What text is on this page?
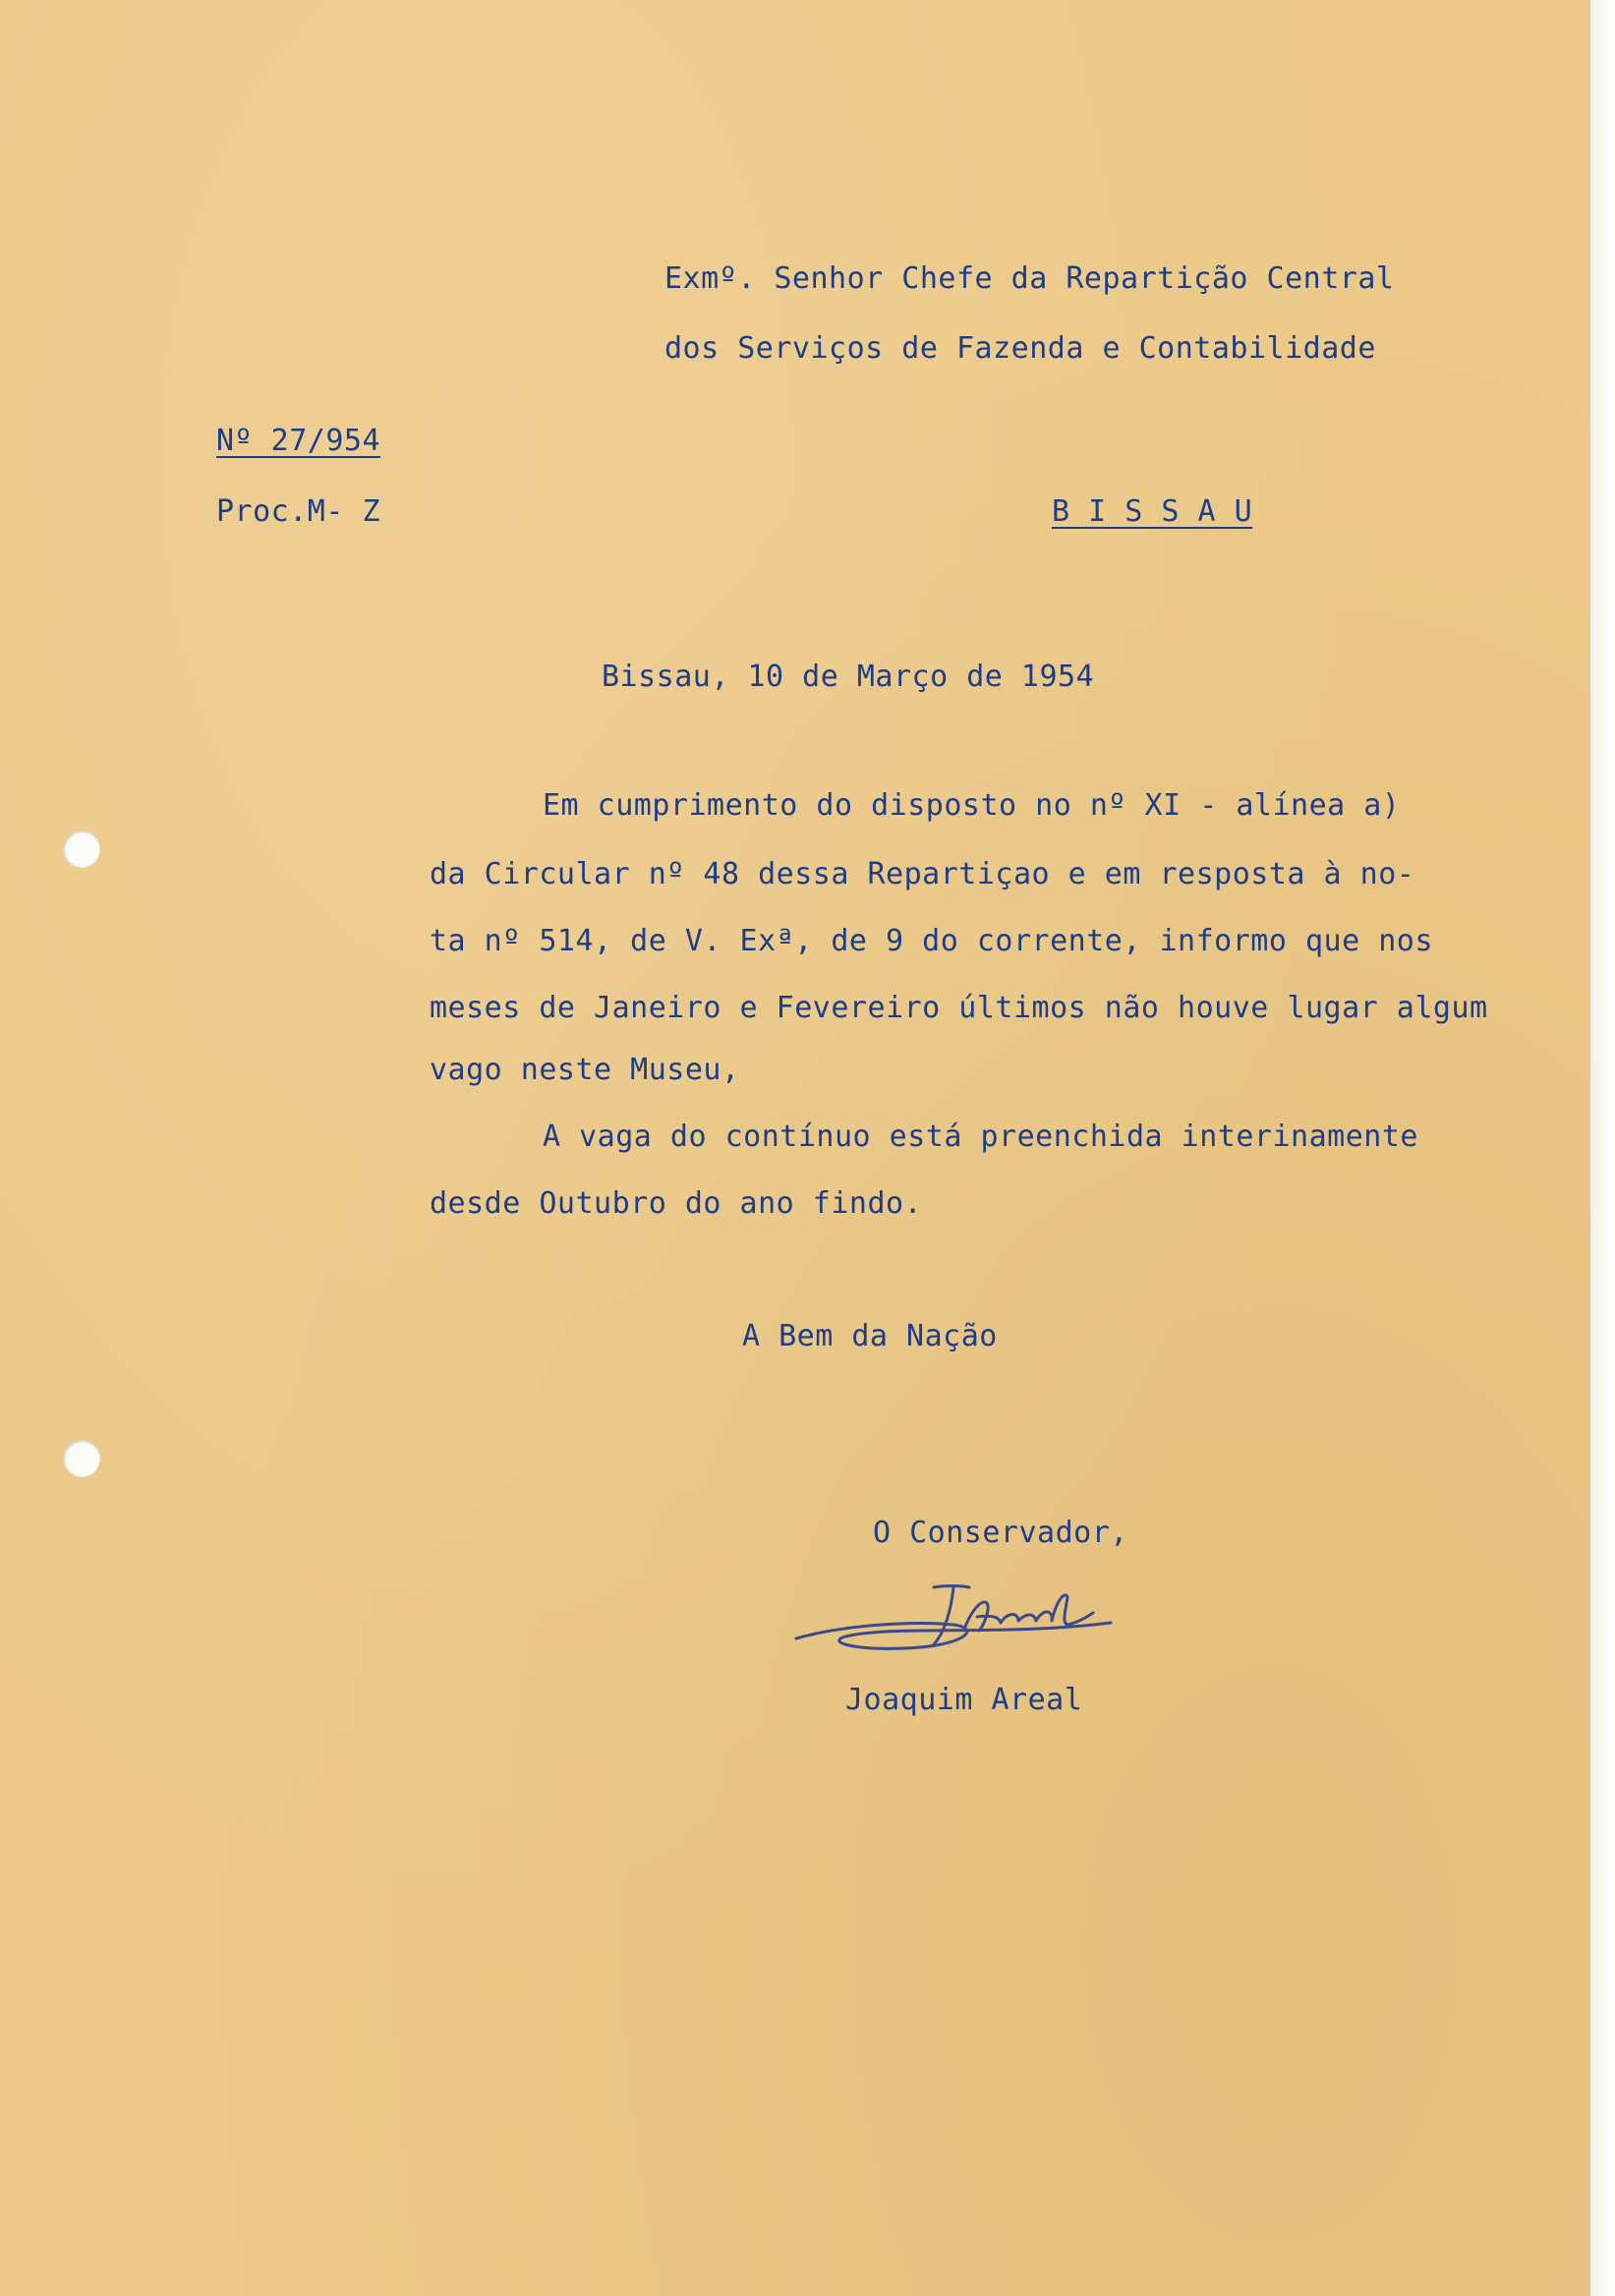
Exmº. Senhor Chefe da Repartição Central
dos Serviços de Fazenda e Contabilidade
Nº 27/954
Proc.M- Z	B I S S A U
Bissau, 10 de Março de 1954
Em cumprimento do disposto no nº XI - alínea a)
da Circular nº 48 dessa Repartiçao e em resposta à no-
ta nº 514, de V. Exª, de 9 do corrente, informo que nos
meses de Janeiro e Fevereiro últimos não houve lugar algum
vago neste Museu,
A vaga do contínuo está preenchida interinamente
desde Outubro do ano findo.
A Bem da Nação
O Conservador,
Joaquim Areal
